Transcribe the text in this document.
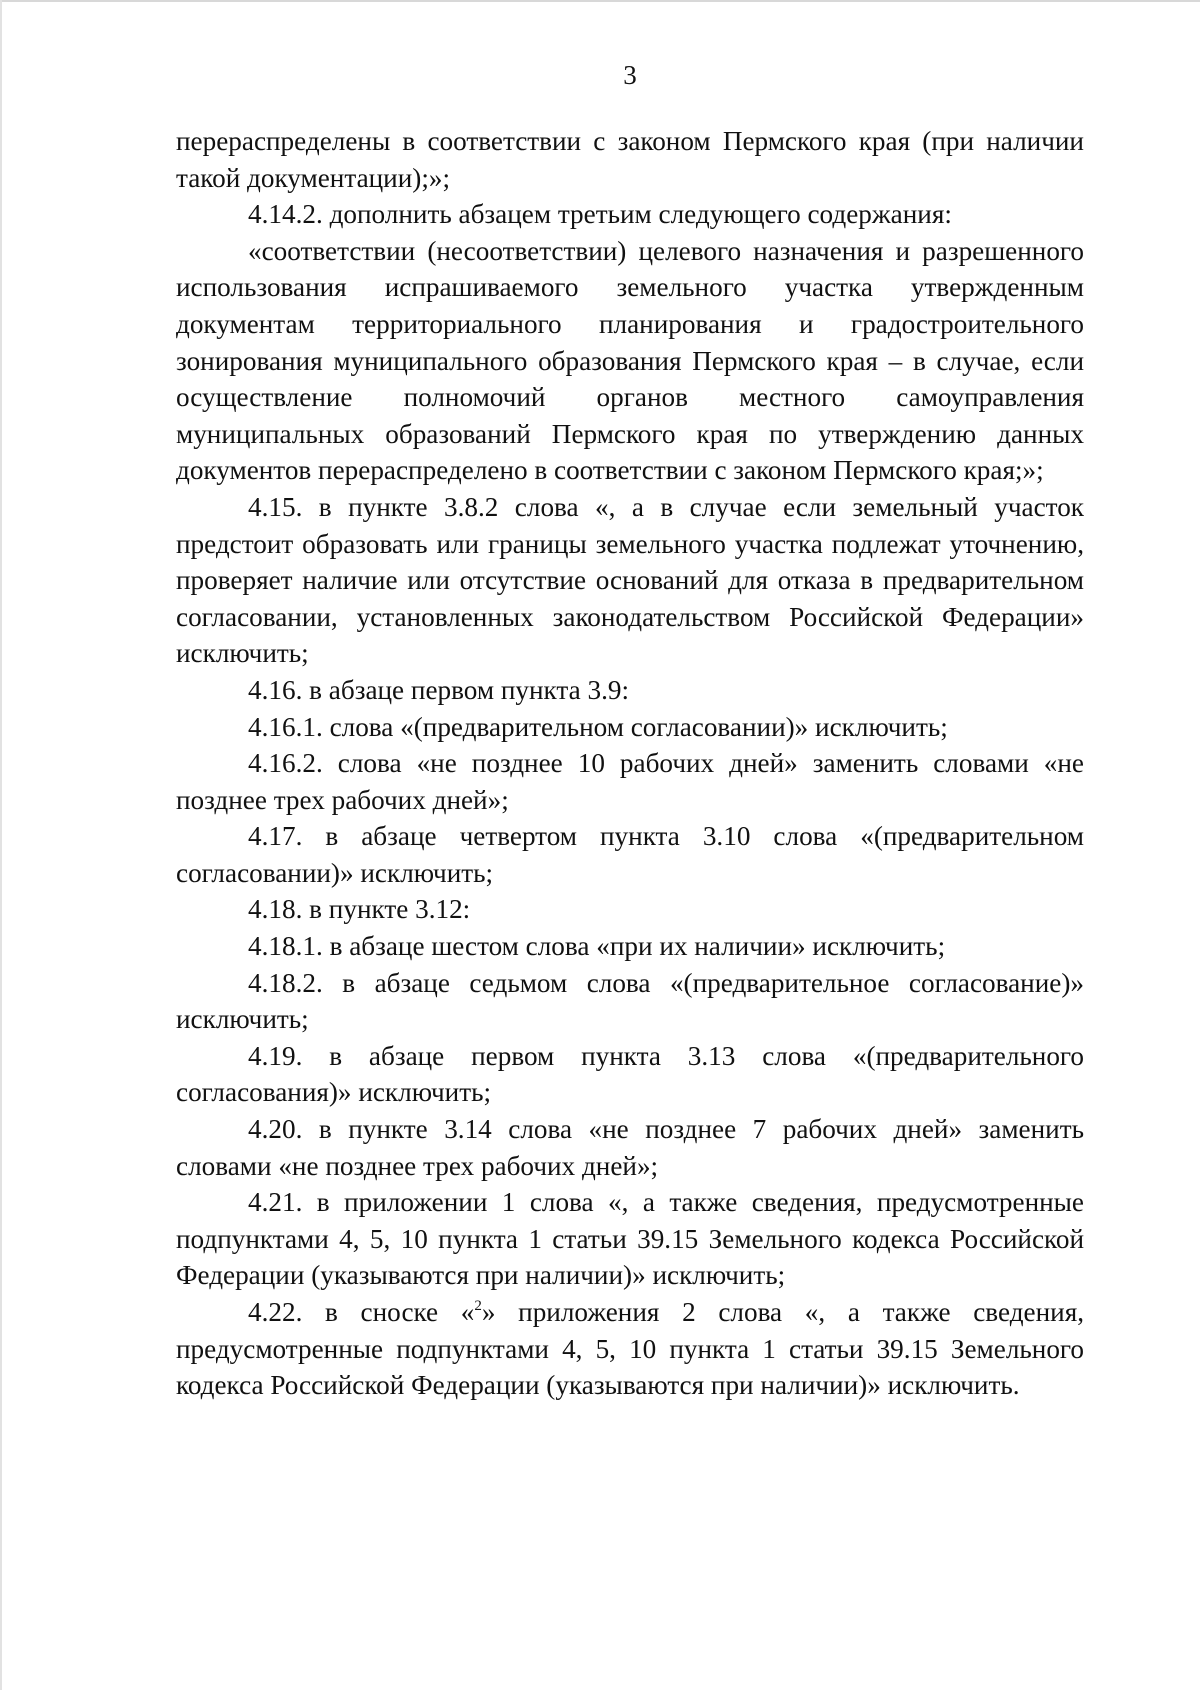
3

перераспределены в соответствии с законом Пермского края (при наличии такой документации);»;

4.14.2. дополнить абзацем третьим следующего содержания:

«соответствии (несоответствии) целевого назначения и разрешенного использования испрашиваемого земельного участка утвержденным документам территориального планирования и градостроительного зонирования муниципального образования Пермского края – в случае, если осуществление полномочий органов местного самоуправления муниципальных образований Пермского края по утверждению данных документов перераспределено в соответствии с законом Пермского края;»;

4.15. в пункте 3.8.2 слова «, а в случае если земельный участок предстоит образовать или границы земельного участка подлежат уточнению, проверяет наличие или отсутствие оснований для отказа в предварительном согласовании, установленных законодательством Российской Федерации» исключить;

4.16. в абзаце первом пункта 3.9:

4.16.1. слова «(предварительном согласовании)» исключить;

4.16.2. слова «не позднее 10 рабочих дней» заменить словами «не позднее трех рабочих дней»;

4.17. в абзаце четвертом пункта 3.10 слова «(предварительном согласовании)» исключить;

4.18. в пункте 3.12:

4.18.1. в абзаце шестом слова «при их наличии» исключить;

4.18.2. в абзаце седьмом слова «(предварительное согласование)» исключить;

4.19. в абзаце первом пункта 3.13 слова «(предварительного согласования)» исключить;

4.20. в пункте 3.14 слова «не позднее 7 рабочих дней» заменить словами «не позднее трех рабочих дней»;

4.21. в приложении 1 слова «, а также сведения, предусмотренные подпунктами 4, 5, 10 пункта 1 статьи 39.15 Земельного кодекса Российской Федерации (указываются при наличии)» исключить;

4.22. в сноске «$^2$» приложения 2 слова «, а также сведения, предусмотренные подпунктами 4, 5, 10 пункта 1 статьи 39.15 Земельного кодекса Российской Федерации (указываются при наличии)» исключить.
